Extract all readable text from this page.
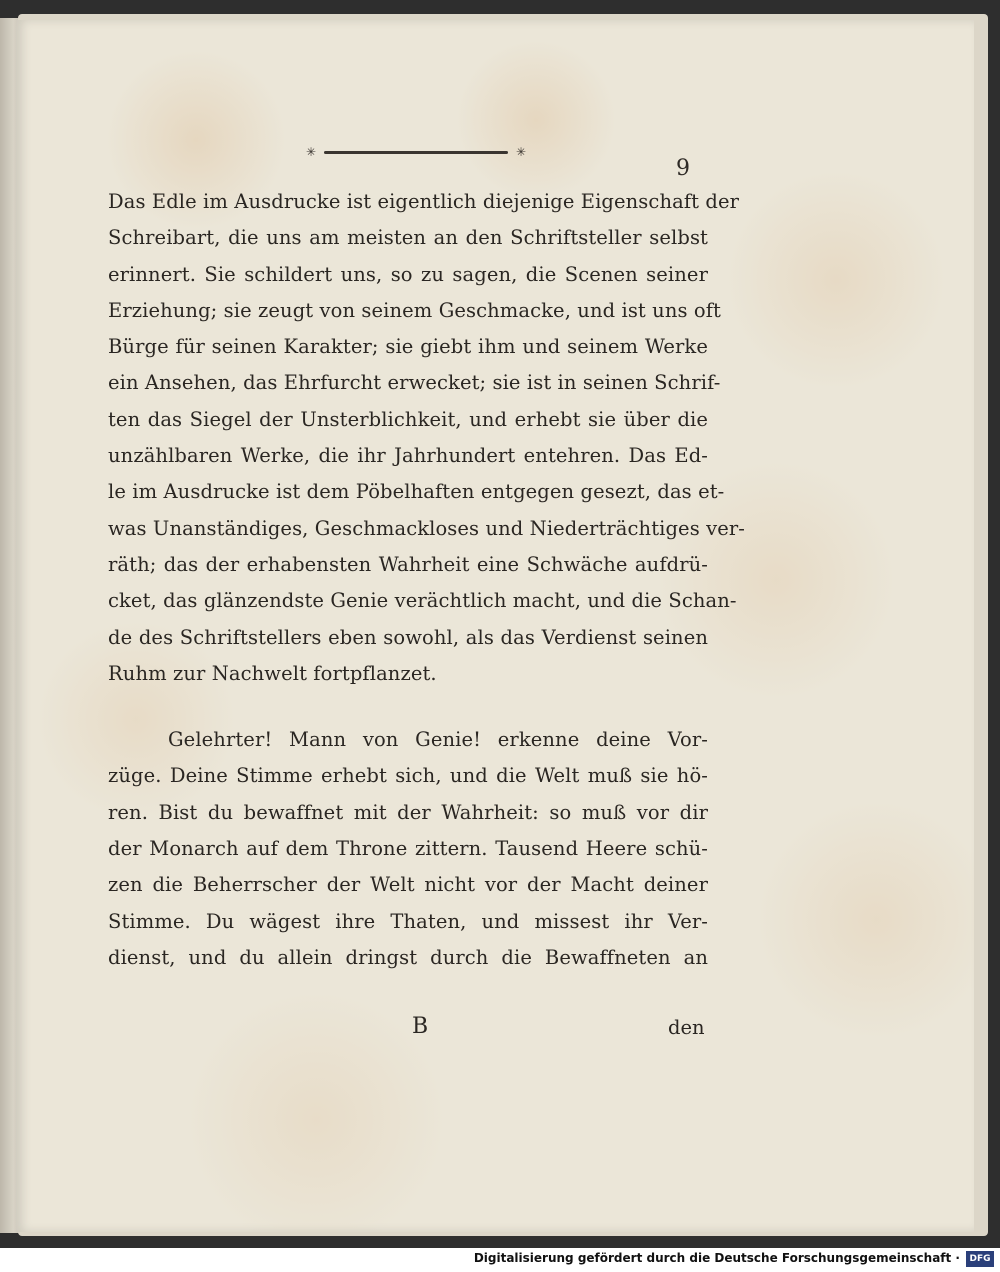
✳	✳
9
Das Edle im Ausdrucke ist eigentlich diejenige Eigenschaft der
Schreibart, die uns am meisten an den Schriftsteller selbst
erinnert. Sie schildert uns, so zu sagen, die Scenen seiner
Erziehung; sie zeugt von seinem Geschmacke, und ist uns oft
Bürge für seinen Karakter; sie giebt ihm und seinem Werke
ein Ansehen, das Ehrfurcht erwecket; sie ist in seinen Schrif-
ten das Siegel der Unsterblichkeit, und erhebt sie über die
unzählbaren Werke, die ihr Jahrhundert entehren. Das Ed-
le im Ausdrucke ist dem Pöbelhaften entgegen gesezt, das et-
was Unanständiges, Geschmackloses und Niederträchtiges ver-
räth; das der erhabensten Wahrheit eine Schwäche aufdrü-
cket, das glänzendste Genie verächtlich macht, und die Schan-
de des Schriftstellers eben sowohl, als das Verdienst seinen
Ruhm zur Nachwelt fortpflanzet.
Gelehrter! Mann von Genie! erkenne deine Vor-
züge. Deine Stimme erhebt sich, und die Welt muß sie hö-
ren. Bist du bewaffnet mit der Wahrheit: so muß vor dir
der Monarch auf dem Throne zittern. Tausend Heere schü-
zen die Beherrscher der Welt nicht vor der Macht deiner
Stimme. Du wägest ihre Thaten, und missest ihr Ver-
dienst, und du allein dringst durch die Bewaffneten an
B	den
Digitalisierung gefördert durch die Deutsche Forschungsgemeinschaft ·	DFG
